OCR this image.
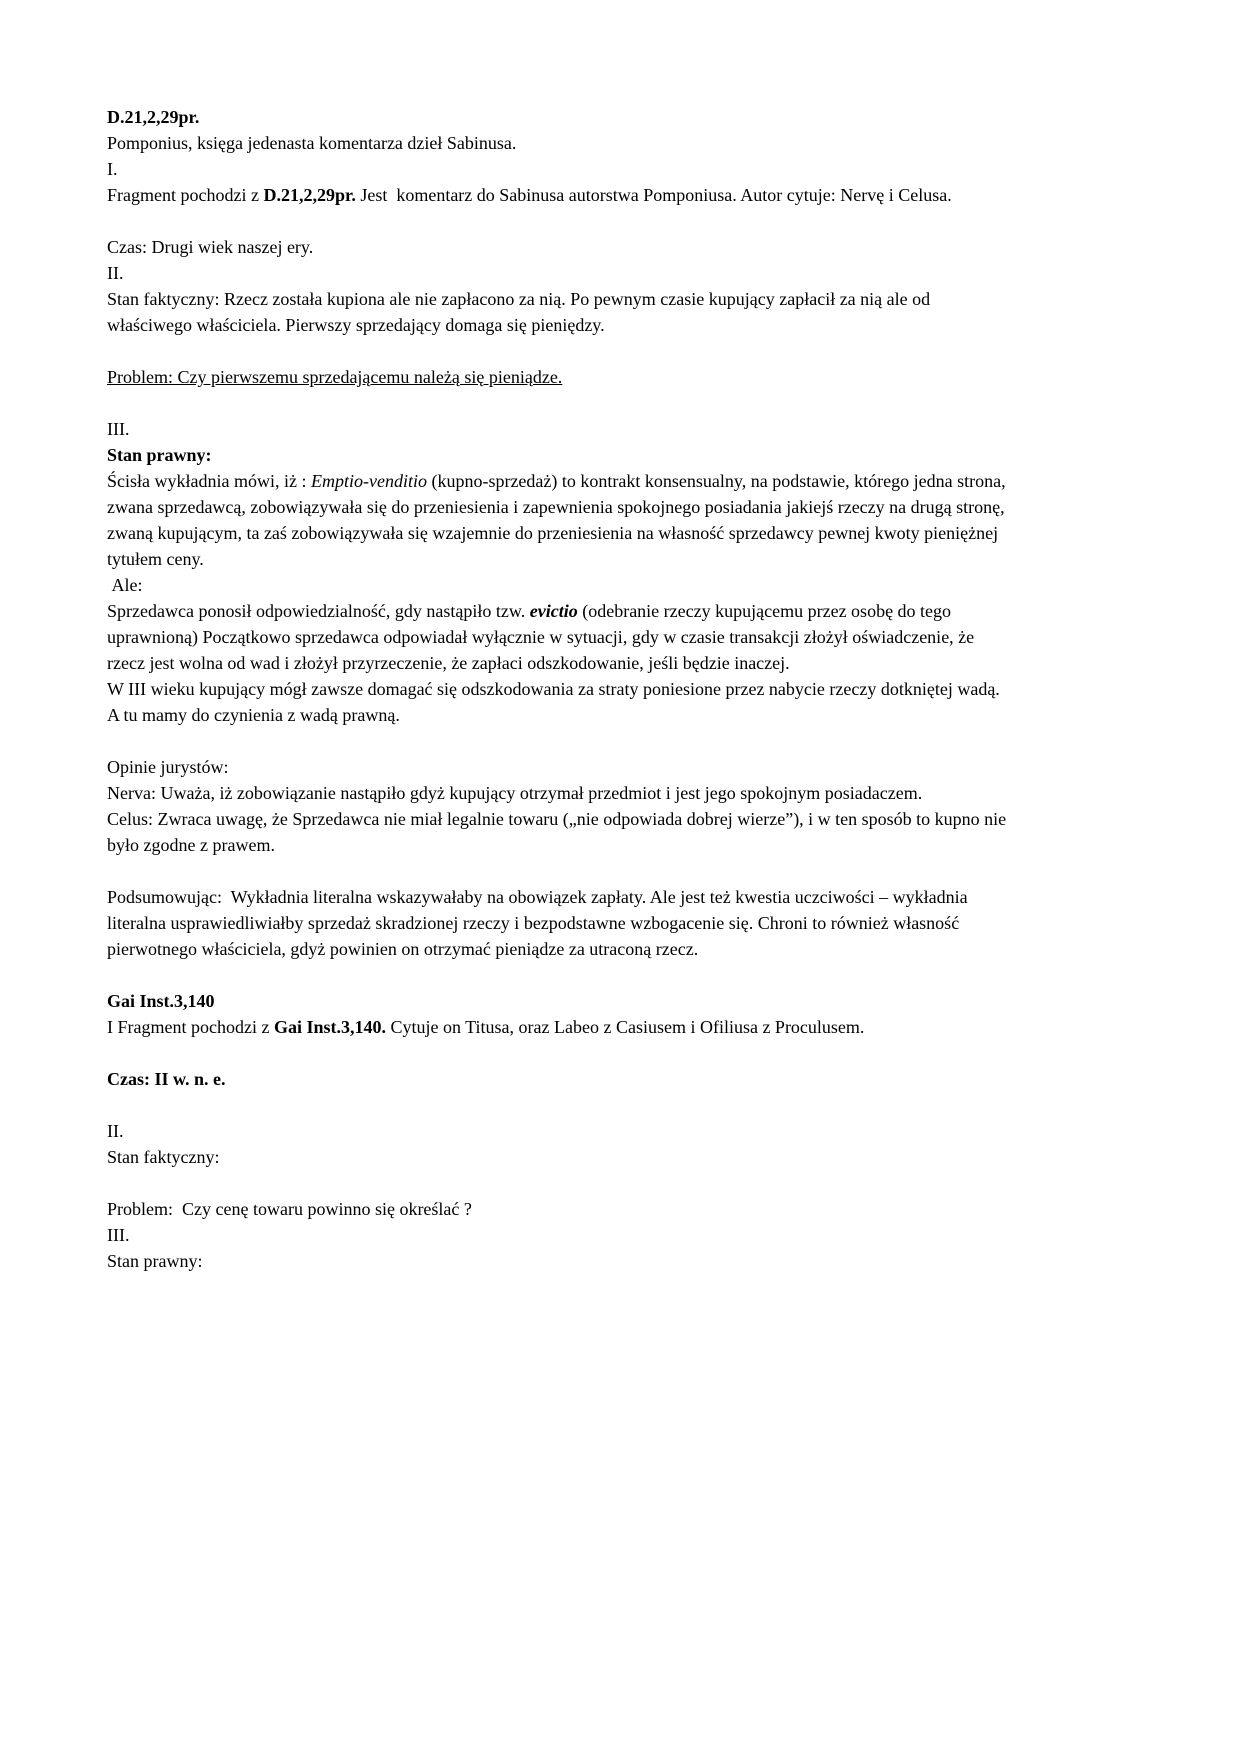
D.21,2,29pr.

Pomponius, księga jedenasta komentarza dzieł Sabinusa.

I.

Fragment pochodzi z D.21,2,29pr. Jest  komentarz do Sabinusa autorstwa Pomponiusa. Autor cytuje: Nervę i Celusa.

Czas: Drugi wiek naszej ery.

II.

Stan faktyczny: Rzecz została kupiona ale nie zapłacono za nią. Po pewnym czasie kupujący zapłacił za nią ale od właściwego właściciela. Pierwszy sprzedający domaga się pieniędzy.

Problem: Czy pierwszemu sprzedającemu należą się pieniądze.

III.

Stan prawny:

Ścisła wykładnia mówi, iż : Emptio-venditio (kupno-sprzedaż) to kontrakt konsensualny, na podstawie, którego jedna strona, zwana sprzedawcą, zobowiązywała się do przeniesienia i zapewnienia spokojnego posiadania jakiejś rzeczy na drugą stronę, zwaną kupującym, ta zaś zobowiązywała się wzajemnie do przeniesienia na własność sprzedawcy pewnej kwoty pieniężnej tytułem ceny.

Ale:

Sprzedawca ponosił odpowiedzialność, gdy nastąpiło tzw. evictio (odebranie rzeczy kupującemu przez osobę do tego uprawnioną) Początkowo sprzedawca odpowiadał wyłącznie w sytuacji, gdy w czasie transakcji złożył oświadczenie, że rzecz jest wolna od wad i złożył przyrzeczenie, że zapłaci odszkodowanie, jeśli będzie inaczej.

W III wieku kupujący mógł zawsze domagać się odszkodowania za straty poniesione przez nabycie rzeczy dotkniętej wadą.

A tu mamy do czynienia z wadą prawną.

Opinie jurystów:

Nerva: Uważa, iż zobowiązanie nastąpiło gdyż kupujący otrzymał przedmiot i jest jego spokojnym posiadaczem.

Celus: Zwraca uwagę, że Sprzedawca nie miał legalnie towaru („nie odpowiada dobrej wierze”), i w ten sposób to kupno nie było zgodne z prawem.

Podsumowując:  Wykładnia literalna wskazywałaby na obowiązek zapłaty. Ale jest też kwestia uczciwości – wykładnia literalna usprawiedliwiałby sprzedaż skradzionej rzeczy i bezpodstawne wzbogacenie się. Chroni to również własność pierwotnego właściciela, gdyż powinien on otrzymać pieniądze za utraconą rzecz.

Gai Inst.3,140

I Fragment pochodzi z Gai Inst.3,140. Cytuje on Titusa, oraz Labeo z Casiusem i Ofiliusa z Proculusem.

Czas: II w. n. e.

II.

Stan faktyczny:

Problem:  Czy cenę towaru powinno się określać ?

III.

Stan prawny:
